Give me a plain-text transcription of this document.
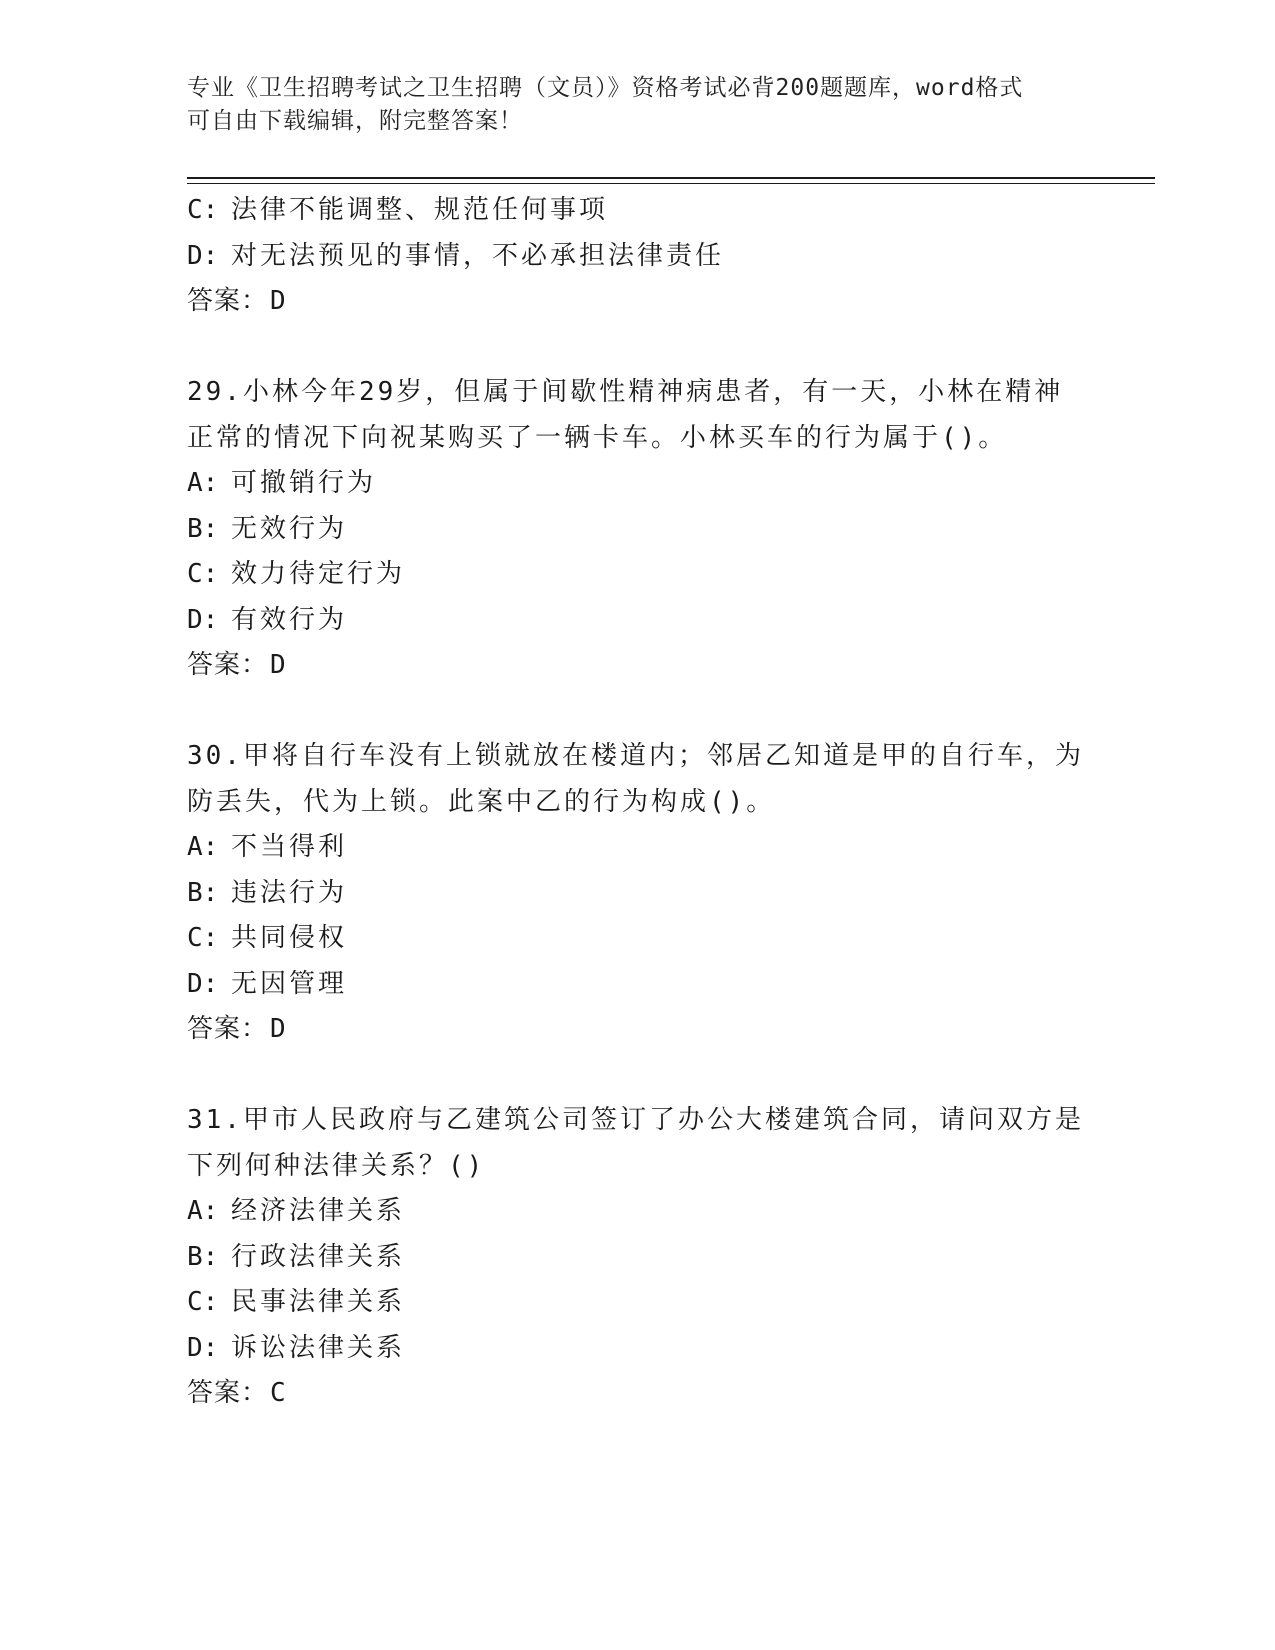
专业《卫生招聘考试之卫生招聘（文员）》资格考试必背200题题库，word格式
可自由下载编辑，附完整答案！
C: 法律不能调整、规范任何事项
D: 对无法预见的事情，不必承担法律责任
答案：D
29.小林今年29岁，但属于间歇性精神病患者，有一天，小林在精神
正常的情况下向祝某购买了一辆卡车。小林买车的行为属于()。
A: 可撤销行为
B: 无效行为
C: 效力待定行为
D: 有效行为
答案：D
30.甲将自行车没有上锁就放在楼道内；邻居乙知道是甲的自行车，为
防丢失，代为上锁。此案中乙的行为构成()。
A: 不当得利
B: 违法行为
C: 共同侵权
D: 无因管理
答案：D
31.甲市人民政府与乙建筑公司签订了办公大楼建筑合同，请问双方是
下列何种法律关系？()
A: 经济法律关系
B: 行政法律关系
C: 民事法律关系
D: 诉讼法律关系
答案：C
